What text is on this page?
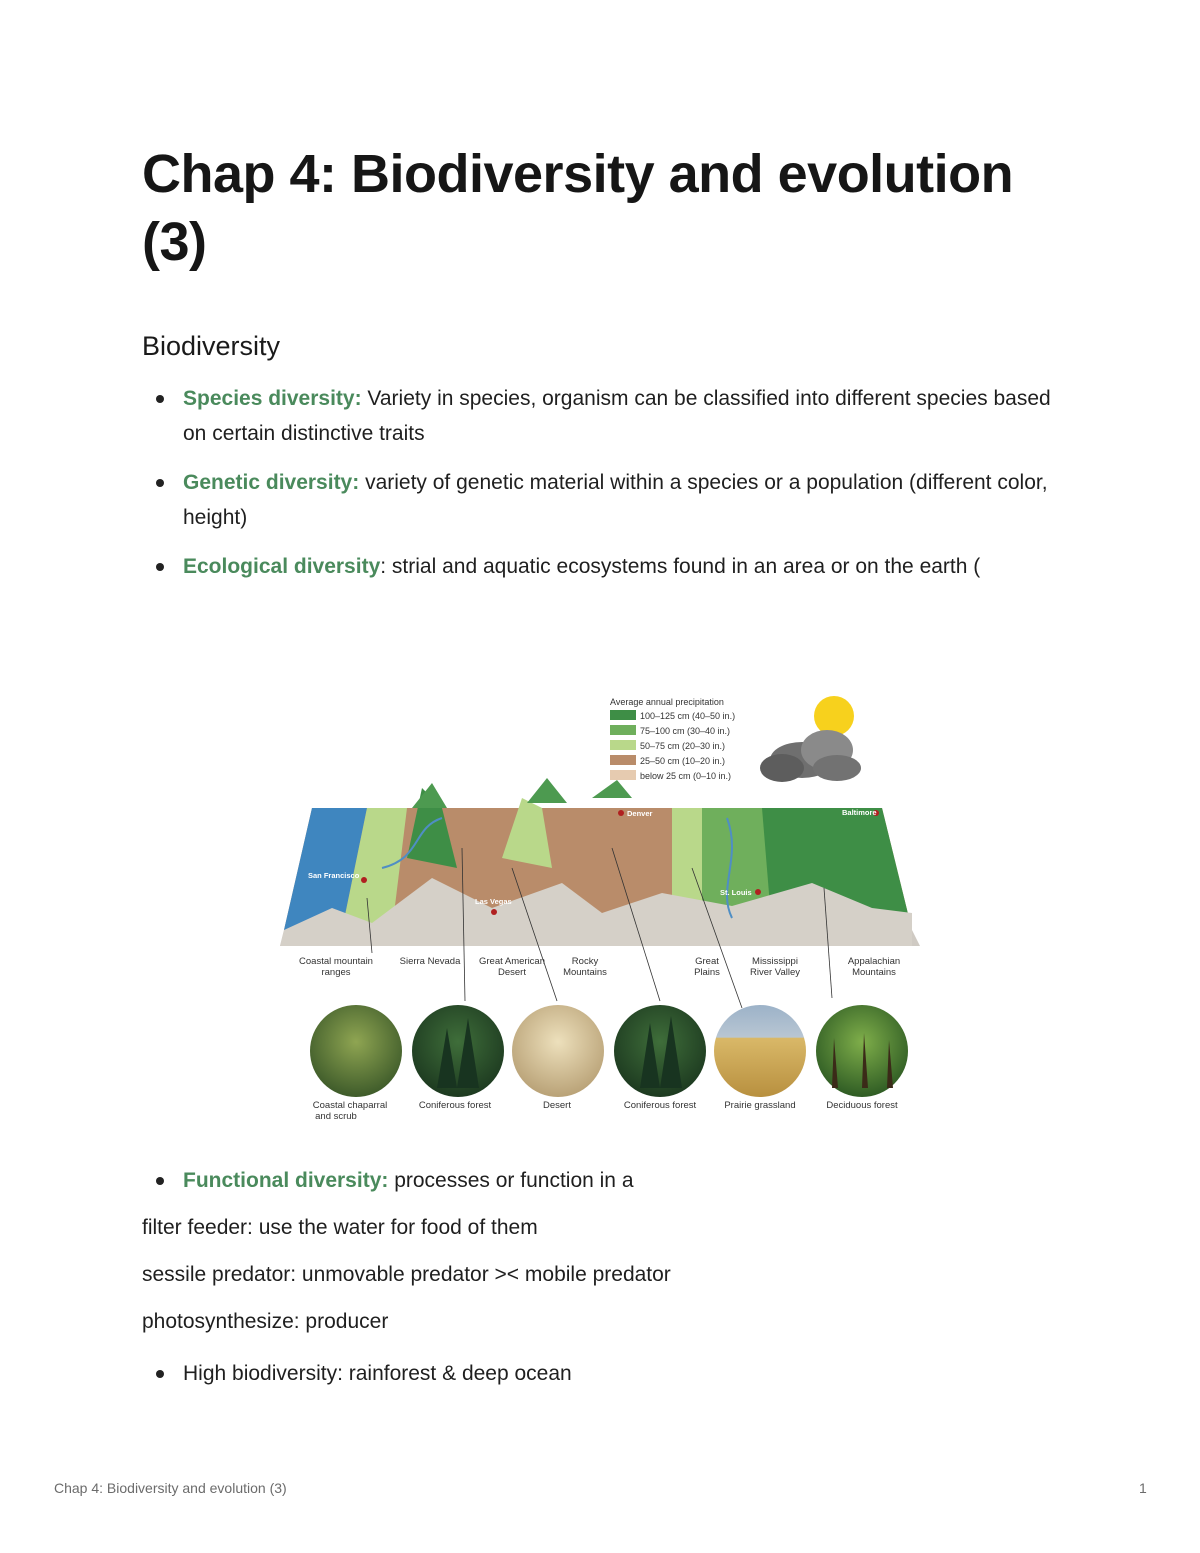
Chap 4: Biodiversity and evolution (3)
Biodiversity
Species diversity: Variety in species, organism can be classified into different species based on certain distinctive traits
Genetic diversity: variety of genetic material within a species or a population (different color, height)
Ecological diversity: strial and aquatic ecosystems found in an area or on the earth (
Average annual precipitation
100–125 cm (40–50 in.)
75–100 cm (30–40 in.)
50–75 cm (20–30 in.)
25–50 cm (10–20 in.)
below 25 cm (0–10 in.)
San Francisco
Las Vegas
Denver
St. Louis
Baltimore
Coastal mountain
ranges
Sierra Nevada Great American
Desert
Rocky
Mountains
Great
Plains
Mississippi
River Valley
Appalachian
Mountains
Coastal chaparral
and scrub
Coniferous forest	Desert	Coniferous forest	Prairie grassland	Deciduous forest
Functional diversity: processes or function in a

filter feeder: use the water for food of them

sessile predator: unmovable predator >< mobile predator

photosynthesize: producer

High biodiversity: rainforest & deep ocean
Chap 4: Biodiversity and evolution (3)	1
